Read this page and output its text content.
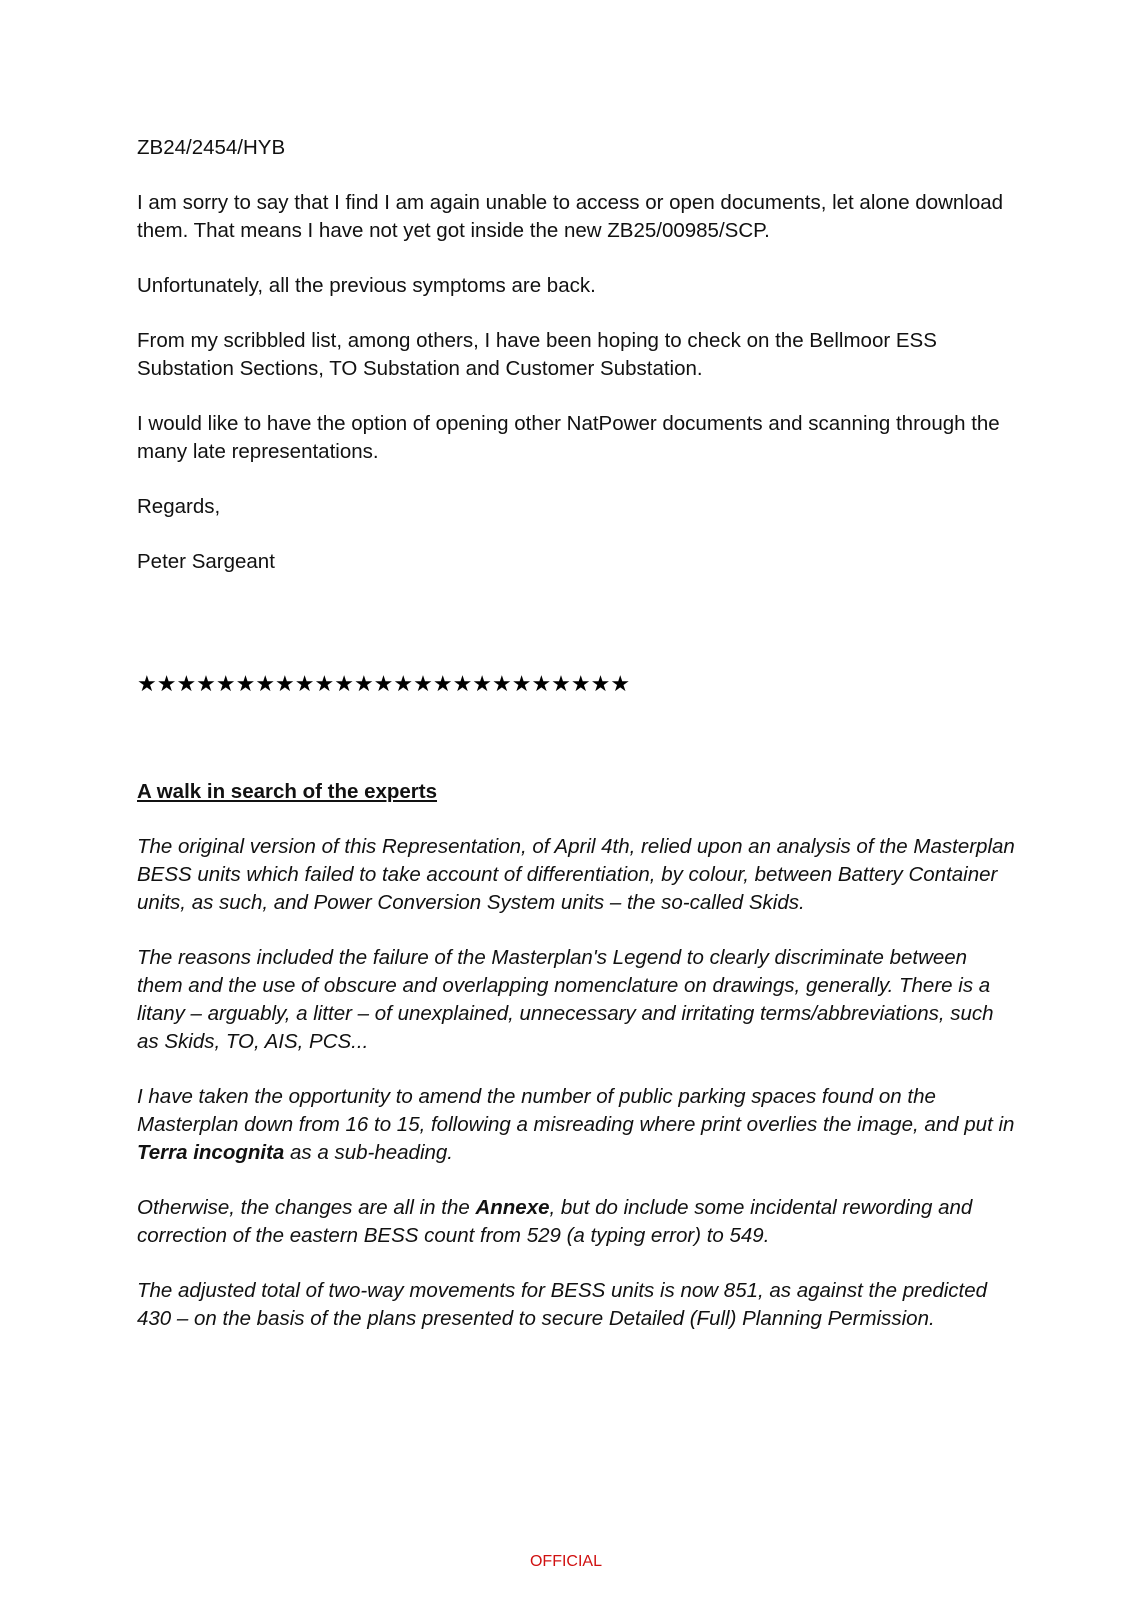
ZB24/2454/HYB

I am sorry to say that I find I am again unable to access or open documents, let alone download them. That means I have not yet got inside the new ZB25/00985/SCP.

Unfortunately, all the previous symptoms are back.

From my scribbled list, among others, I have been hoping to check on the Bellmoor ESS Substation Sections, TO Substation and Customer Substation.

I would like to have the option of opening other NatPower documents and scanning through the many late representations.

Regards,

Peter Sargeant

★★★★★★★★★★★★★★★★★★★★★★★★★

A walk in search of the experts

The original version of this Representation, of April 4th, relied upon an analysis of the Masterplan BESS units which failed to take account of differentiation, by colour, between Battery Container units, as such, and Power Conversion System units – the so-called Skids.

The reasons included the failure of the Masterplan's Legend to clearly discriminate between them and the use of obscure and overlapping nomenclature on drawings, generally. There is a litany – arguably, a litter – of unexplained, unnecessary and irritating terms/abbreviations, such as Skids, TO, AIS, PCS...

I have taken the opportunity to amend the number of public parking spaces found on the Masterplan down from 16 to 15, following a misreading where print overlies the image, and put in Terra incognita as a sub-heading.

Otherwise, the changes are all in the Annexe, but do include some incidental rewording and correction of the eastern BESS count from 529 (a typing error) to 549.

The adjusted total of two-way movements for BESS units is now 851, as against the predicted 430 – on the basis of the plans presented to secure Detailed (Full) Planning Permission.

OFFICIAL
